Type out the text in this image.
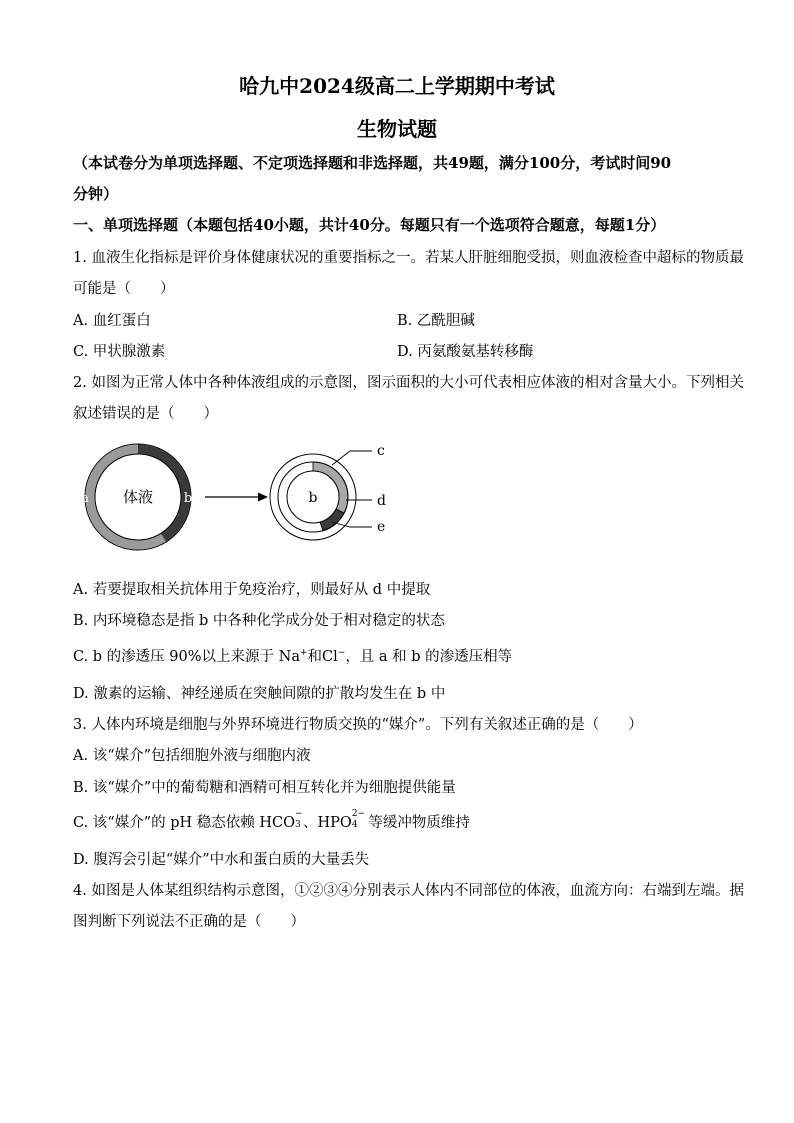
哈九中2024级高二上学期期中考试
生物试题
（本试卷分为单项选择题、不定项选择题和非选择题，共49题，满分100分，考试时间90
分钟）
一、单项选择题（本题包括40小题，共计40分。每题只有一个选项符合题意，每题1分）
1. 血液生化指标是评价身体健康状况的重要指标之一。若某人肝脏细胞受损，则血液检查中超标的物质最
可能是（　　）
A. 血红蛋白	B. 乙酰胆碱
C. 甲状腺激素	D. 丙氨酸氨基转移酶
2. 如图为正常人体中各种体液组成的示意图，图示面积的大小可代表相应体液的相对含量大小。下列相关
叙述错误的是（　　）
体液
a	b	b
c
d
e
A. 若要提取相关抗体用于免疫治疗，则最好从 d 中提取
B. 内环境稳态是指 b 中各种化学成分处于相对稳定的状态
C. b 的渗透压 90%以上来源于 Na+和Cl−，且 a 和 b 的渗透压相等
D. 激素的运输、神经递质在突触间隙的扩散均发生在 b 中
3. 人体内环境是细胞与外界环境进行物质交换的“媒介”。下列有关叙述正确的是（　　）
A. 该“媒介”包括细胞外液与细胞内液
B. 该“媒介”中的葡萄糖和酒精可相互转化并为细胞提供能量
C. 该“媒介”的 pH 稳态依赖 HCO
−
3 、HPO
2−
4 等缓冲物质维持
D. 腹泻会引起“媒介”中水和蛋白质的大量丢失
4. 如图是人体某组织结构示意图，①②③④分别表示人体内不同部位的体液，血流方向：右端到左端。据
图判断下列说法不正确的是（　　）
